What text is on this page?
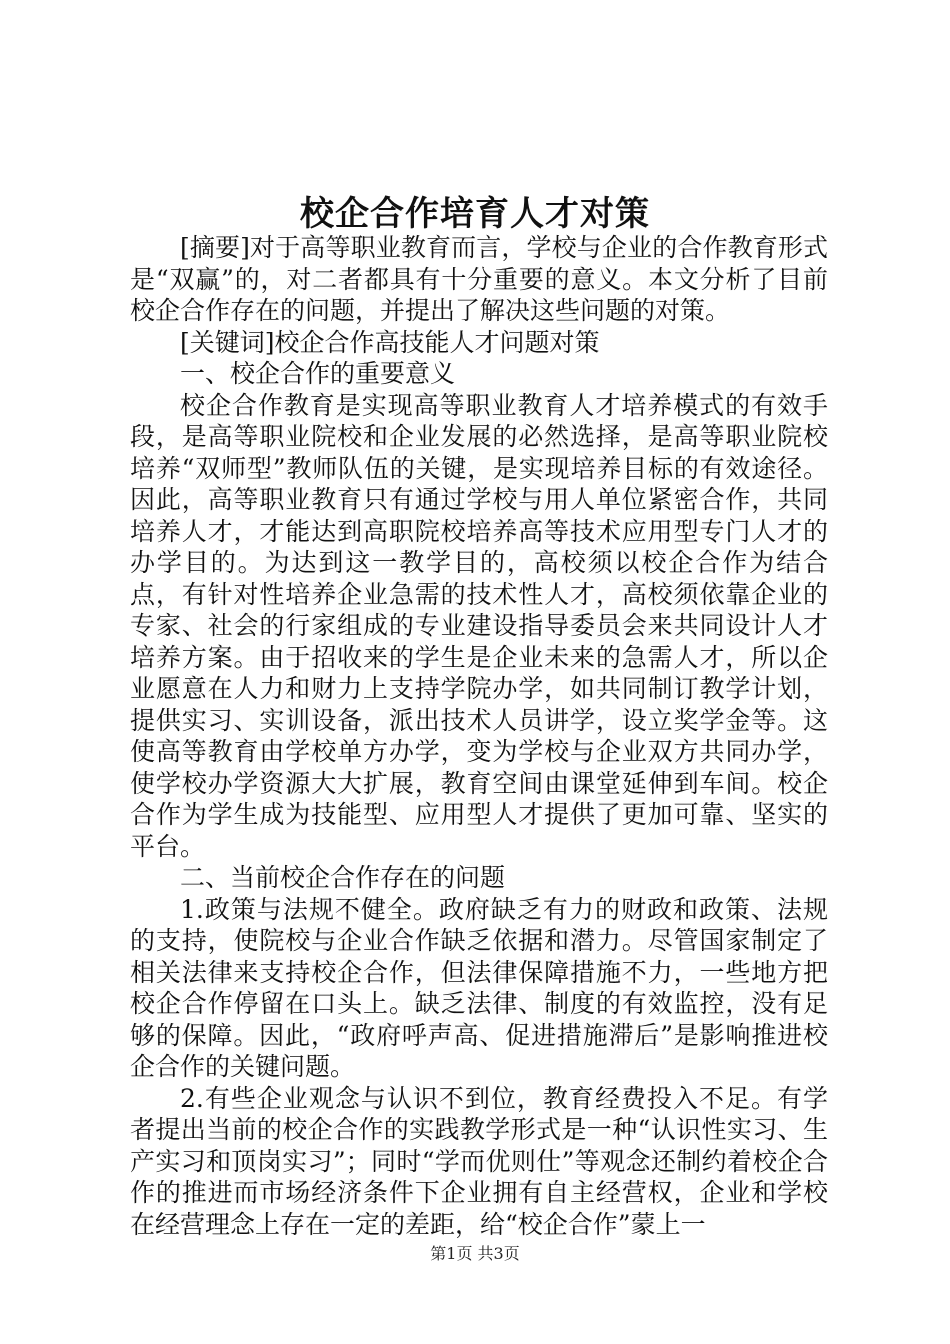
校企合作培育人才对策

[摘要]对于高等职业教育而言，学校与企业的合作教育形式是“双赢”的，对二者都具有十分重要的意义。本文分析了目前校企合作存在的问题，并提出了解决这些问题的对策。

[关键词]校企合作高技能人才问题对策

一、校企合作的重要意义

校企合作教育是实现高等职业教育人才培养模式的有效手段，是高等职业院校和企业发展的必然选择，是高等职业院校培养“双师型”教师队伍的关键，是实现培养目标的有效途径。因此，高等职业教育只有通过学校与用人单位紧密合作，共同培养人才，才能达到高职院校培养高等技术应用型专门人才的办学目的。为达到这一教学目的，高校须以校企合作为结合点，有针对性培养企业急需的技术性人才，高校须依靠企业的专家、社会的行家组成的专业建设指导委员会来共同设计人才培养方案。由于招收来的学生是企业未来的急需人才，所以企业愿意在人力和财力上支持学院办学，如共同制订教学计划，提供实习、实训设备，派出技术人员讲学，设立奖学金等。这使高等教育由学校单方办学，变为学校与企业双方共同办学，使学校办学资源大大扩展，教育空间由课堂延伸到车间。校企合作为学生成为技能型、应用型人才提供了更加可靠、坚实的平台。

二、当前校企合作存在的问题

1.政策与法规不健全。政府缺乏有力的财政和政策、法规的支持，使院校与企业合作缺乏依据和潜力。尽管国家制定了相关法律来支持校企合作，但法律保障措施不力，一些地方把校企合作停留在口头上。缺乏法律、制度的有效监控，没有足够的保障。因此，“政府呼声高、促进措施滞后”是影响推进校企合作的关键问题。

2.有些企业观念与认识不到位，教育经费投入不足。有学者提出当前的校企合作的实践教学形式是一种“认识性实习、生产实习和顶岗实习”；同时“学而优则仕”等观念还制约着校企合作的推进而市场经济条件下企业拥有自主经营权，企业和学校在经营理念上存在一定的差距，给“校企合作”蒙上一

第1页 共3页
